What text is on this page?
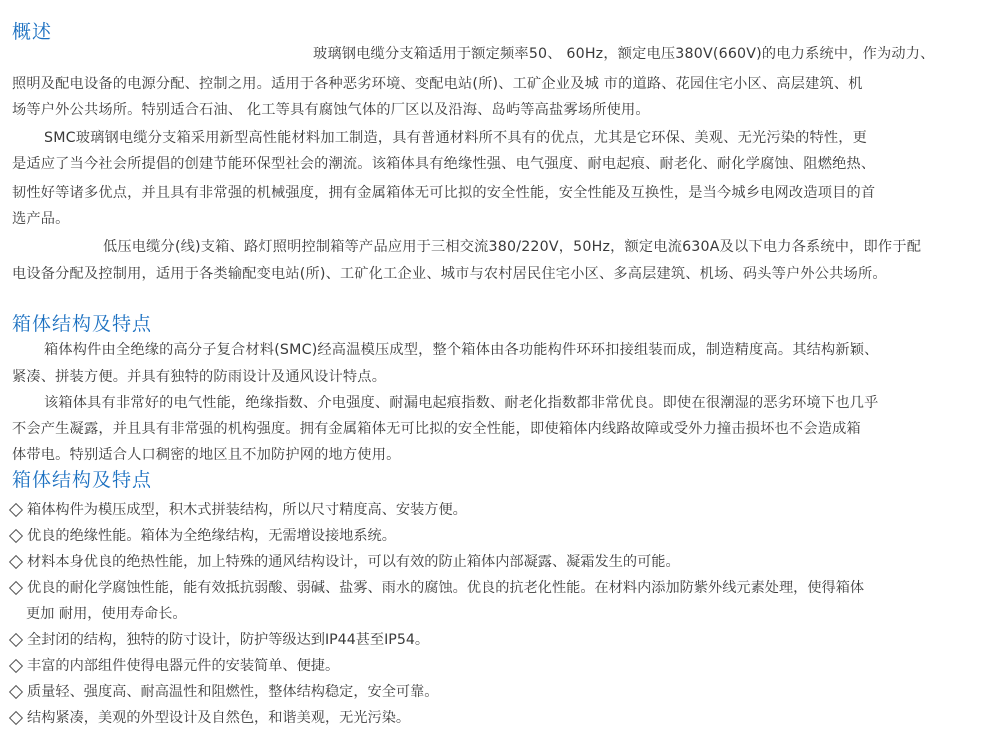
概述

玻璃钢电缆分支箱适用于额定频率50、 60Hz，额定电压380V(660V)的电力系统中，作为动力、

照明及配电设备的电源分配、控制之用。适用于各种恶劣环境、变配电站(所)、工矿企业及城 市的道路、花园住宅小区、高层建筑、机

场等户外公共场所。特别适合石油、 化工等具有腐蚀气体的厂区以及沿海、岛屿等高盐雾场所使用。

SMC玻璃钢电缆分支箱采用新型高性能材料加工制造，具有普通材料所不具有的优点，尤其是它环保、美观、无光污染的特性，更

是适应了当今社会所提倡的创建节能环保型社会的潮流。该箱体具有绝缘性强、电气强度、耐电起痕、耐老化、耐化学腐蚀、阻燃绝热、

韧性好等诸多优点，并且具有非常强的机械强度，拥有金属箱体无可比拟的安全性能，安全性能及互换性，是当今城乡电网改造项目的首

选产品。

低压电缆分(线)支箱、路灯照明控制箱等产品应用于三相交流380/220V，50Hz，额定电流630A及以下电力各系统中，即作于配

电设备分配及控制用，适用于各类输配变电站(所)、工矿化工企业、城市与农村居民住宅小区、多高层建筑、机场、码头等户外公共场所。

箱体结构及特点

箱体构件由全绝缘的高分子复合材料(SMC)经高温模压成型，整个箱体由各功能构件环环扣接组装而成，制造精度高。其结构新颖、

紧凑、拼装方便。并具有独特的防雨设计及通风设计特点。

该箱体具有非常好的电气性能，绝缘指数、介电强度、耐漏电起痕指数、耐老化指数都非常优良。即使在很潮湿的恶劣环境下也几乎

不会产生凝露，并且具有非常强的机构强度。拥有金属箱体无可比拟的安全性能，即使箱体内线路故障或受外力撞击损坏也不会造成箱

体带电。特别适合人口稠密的地区且不加防护网的地方使用。

箱体结构及特点

箱体构件为模压成型，积木式拼装结构，所以尺寸精度高、安装方便。

优良的绝缘性能。箱体为全绝缘结构，无需增设接地系统。

材料本身优良的绝热性能，加上特殊的通风结构设计，可以有效的防止箱体内部凝露、凝霜发生的可能。

优良的耐化学腐蚀性能，能有效抵抗弱酸、弱碱、盐雾、雨水的腐蚀。优良的抗老化性能。在材料内添加防紫外线元素处理，使得箱体

更加 耐用，使用寿命长。

全封闭的结构，独特的防寸设计，防护等级达到IP44甚至IP54。

丰富的内部组件使得电器元件的安装简单、便捷。

质量轻、强度高、耐高温性和阻燃性，整体结构稳定，安全可靠。

结构紧凑，美观的外型设计及自然色，和谐美观，无光污染。
